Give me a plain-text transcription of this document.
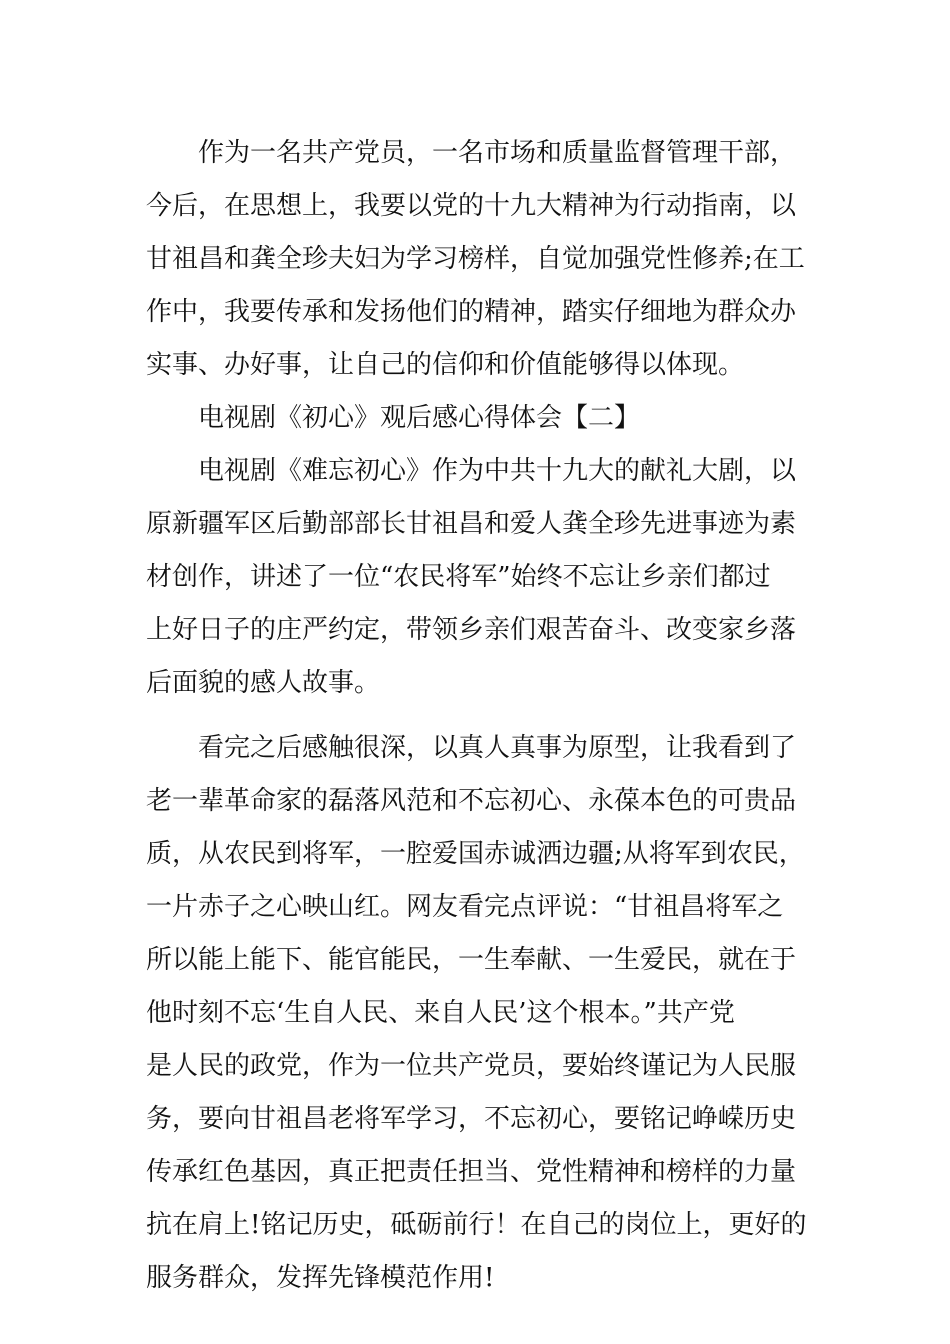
作为一名共产党员，一名市场和质量监督管理干部，
今后，在思想上，我要以党的十九大精神为行动指南，以
甘祖昌和龚全珍夫妇为学习榜样，自觉加强党性修养;在工
作中，我要传承和发扬他们的精神，踏实仔细地为群众办
实事、办好事，让自己的信仰和价值能够得以体现。

电视剧《初心》观后感心得体会【二】

电视剧《难忘初心》作为中共十九大的献礼大剧，以
原新疆军区后勤部部长甘祖昌和爱人龚全珍先进事迹为素
材创作，讲述了一位“农民将军”始终不忘让乡亲们都过
上好日子的庄严约定，带领乡亲们艰苦奋斗、改变家乡落
后面貌的感人故事。

看完之后感触很深，以真人真事为原型，让我看到了
老一辈革命家的磊落风范和不忘初心、永葆本色的可贵品
质，从农民到将军，一腔爱国赤诚洒边疆;从将军到农民，
一片赤子之心映山红。网友看完点评说：“甘祖昌将军之
所以能上能下、能官能民，一生奉献、一生爱民，就在于
他时刻不忘‘生自人民、来自人民’这个根本。”共产党
是人民的政党，作为一位共产党员，要始终谨记为人民服
务，要向甘祖昌老将军学习，不忘初心，要铭记峥嵘历史
传承红色基因，真正把责任担当、党性精神和榜样的力量
抗在肩上!铭记历史，砥砺前行！在自己的岗位上，更好的
服务群众，发挥先锋模范作用!
